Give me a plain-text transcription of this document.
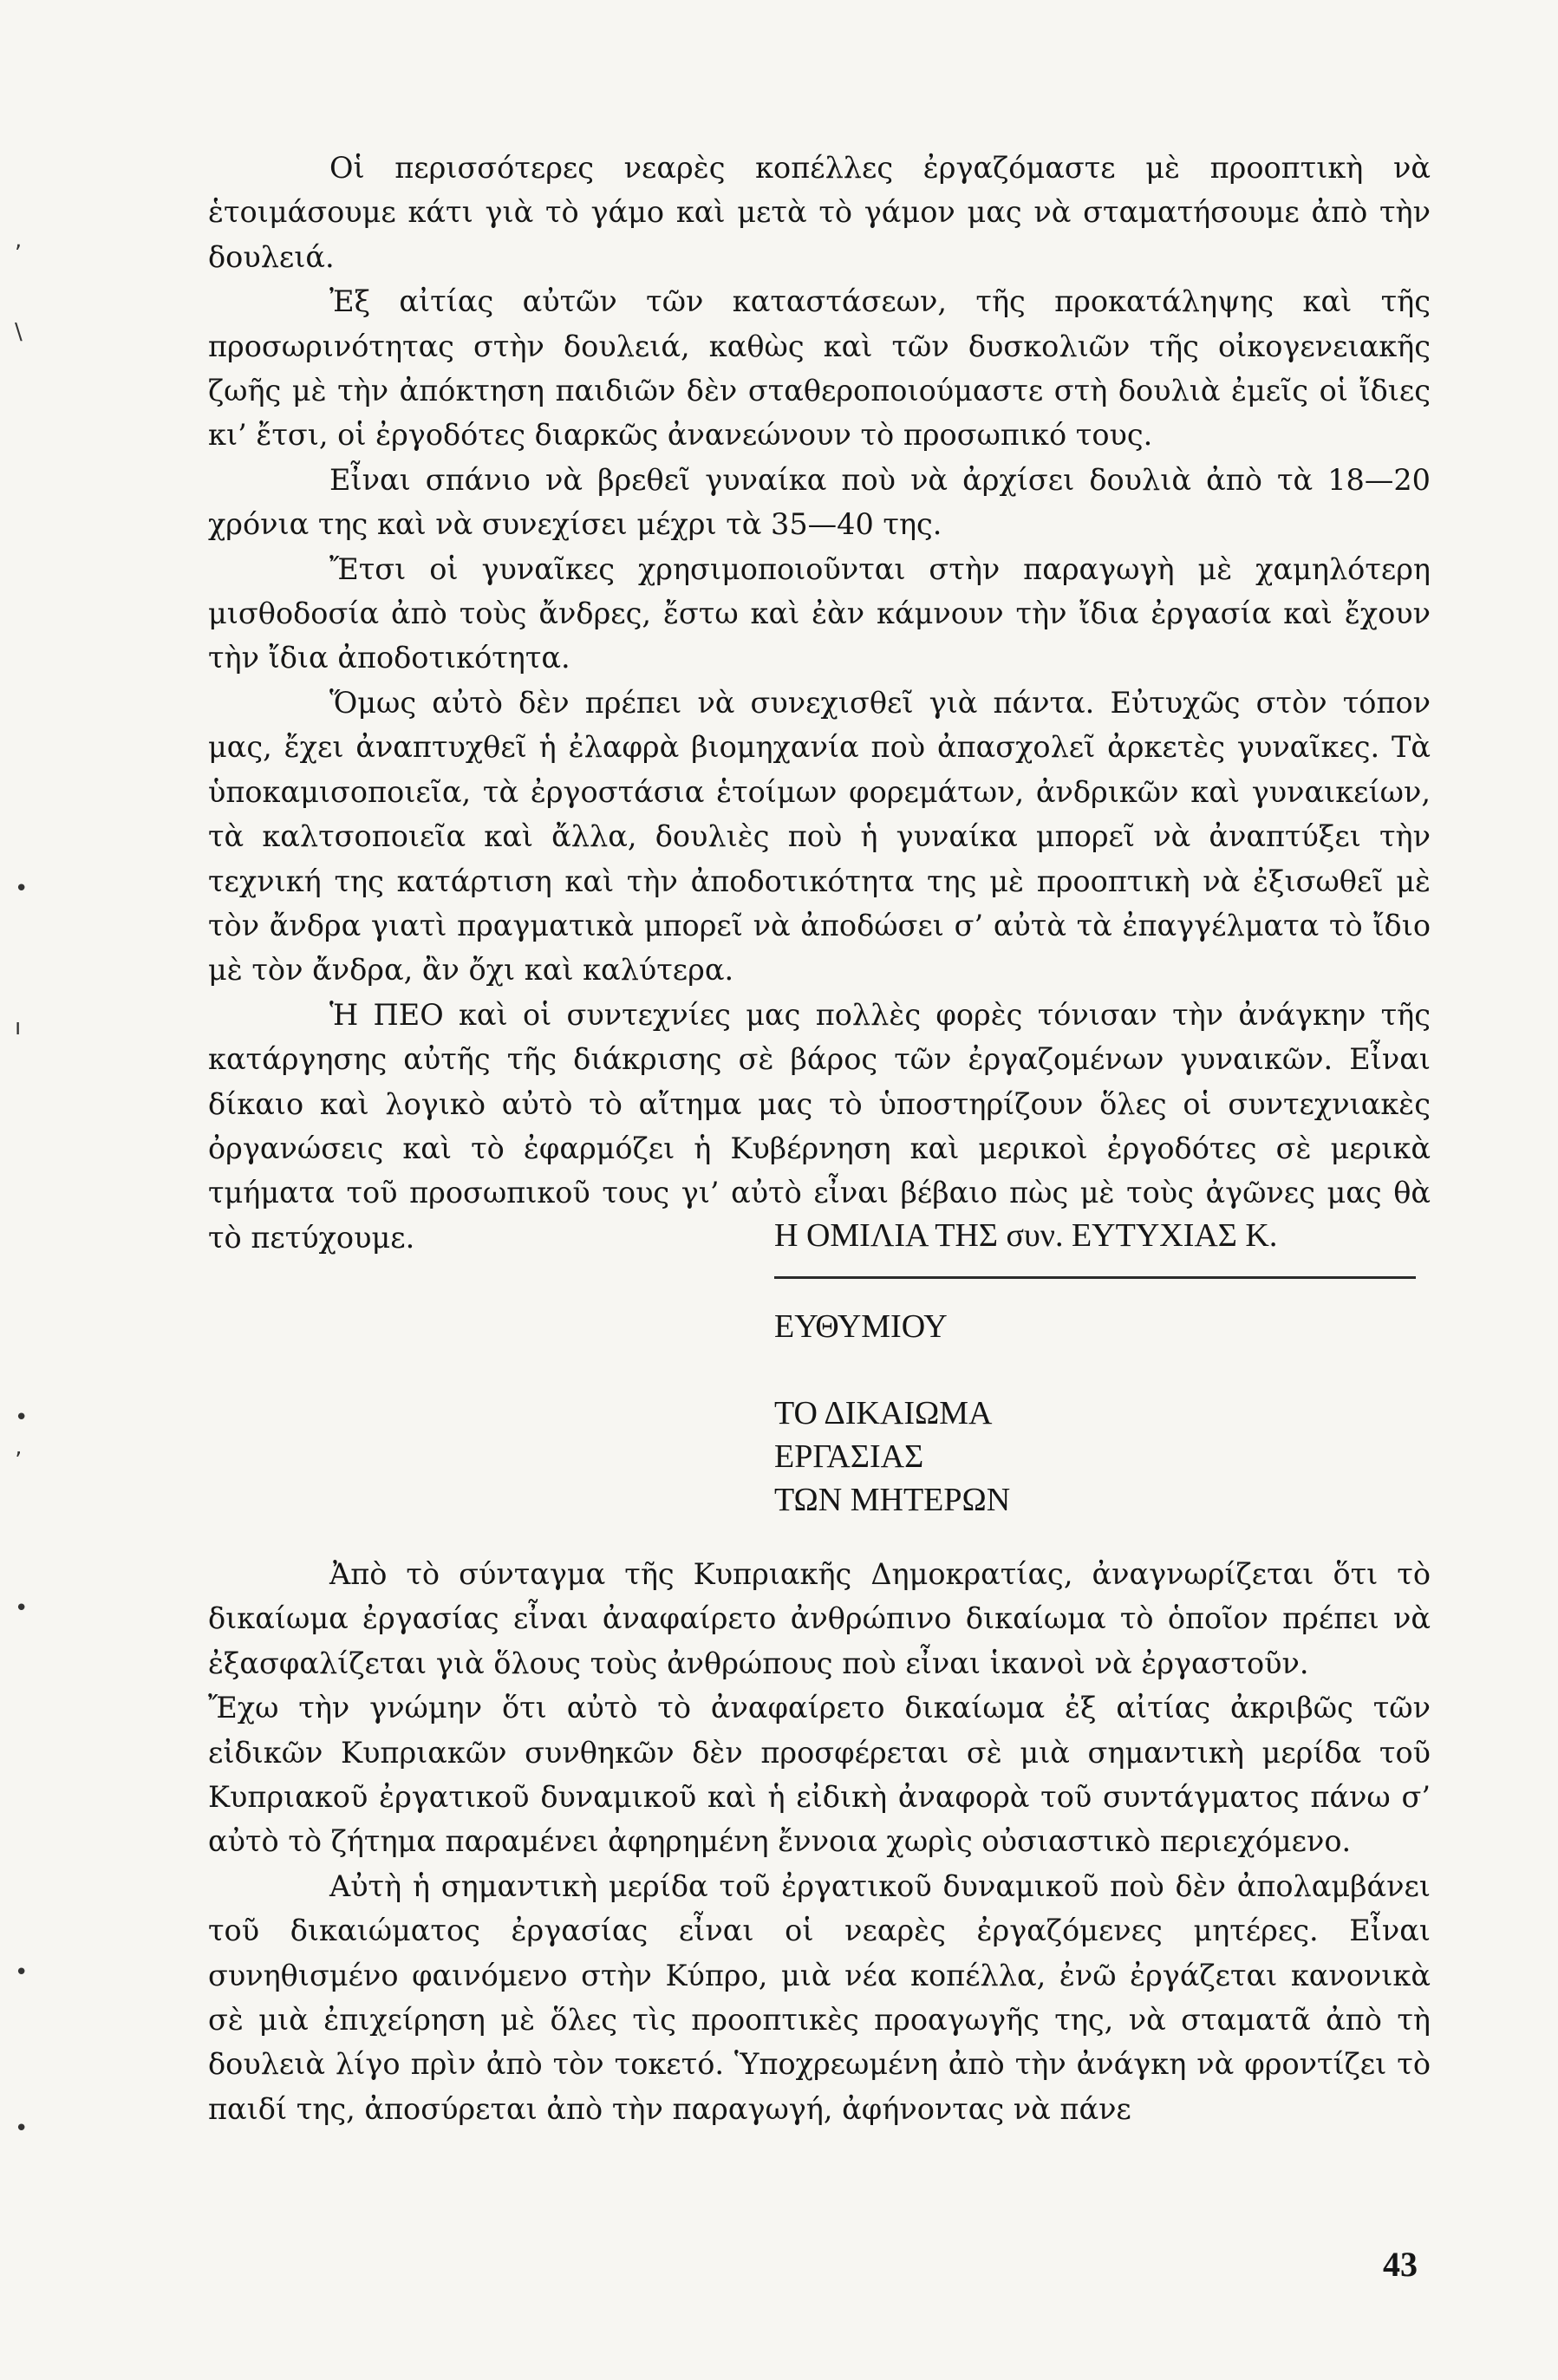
,
\
•
ı
•
ʼ
•
•
•

Οἱ περισσότερες νεαρὲς κοπέλλες ἐργαζόμαστε μὲ προοπτικὴ νὰ ἑτοιμάσουμε κάτι γιὰ τὸ γάμο καὶ μετὰ τὸ γάμον μας νὰ σταματήσουμε ἀπὸ τὴν δουλειά.

Ἐξ αἰτίας αὐτῶν τῶν καταστάσεων, τῆς προκατάληψης καὶ τῆς προσωρινότητας στὴν δουλειά, καθὼς καὶ τῶν δυσκολιῶν τῆς οἰκογενειακῆς ζωῆς μὲ τὴν ἀπόκτηση παιδιῶν δὲν σταθεροποιούμαστε στὴ δουλιὰ ἐμεῖς οἱ ἴδιες κι’ ἔτσι, οἱ ἐργοδότες διαρκῶς ἀνανεώνουν τὸ προσωπικό τους.

Εἶναι σπάνιο νὰ βρεθεῖ γυναίκα ποὺ νὰ ἀρχίσει δουλιὰ ἀπὸ τὰ 18—20 χρόνια της καὶ νὰ συνεχίσει μέχρι τὰ 35—40 της.

Ἔτσι οἱ γυναῖκες χρησιμοποιοῦνται στὴν παραγωγὴ μὲ χαμηλότερη μισθοδοσία ἀπὸ τοὺς ἄνδρες, ἔστω καὶ ἐὰν κάμνουν τὴν ἴδια ἐργασία καὶ ἔχουν τὴν ἴδια ἀποδοτικότητα.

Ὅμως αὐτὸ δὲν πρέπει νὰ συνεχισθεῖ γιὰ πάντα. Εὐτυχῶς στὸν τόπον μας, ἔχει ἀναπτυχθεῖ ἡ ἐλαφρὰ βιομηχανία ποὺ ἀπασχολεῖ ἀρκετὲς γυναῖκες. Τὰ ὑποκαμισοποιεῖα, τὰ ἐργοστάσια ἑτοίμων φορεμάτων, ἀνδρικῶν καὶ γυναικείων, τὰ καλτσοποιεῖα καὶ ἄλλα, δουλιὲς ποὺ ἡ γυναίκα μπορεῖ νὰ ἀναπτύξει τὴν τεχνική της κατάρτιση καὶ τὴν ἀποδοτικότητα της μὲ προοπτικὴ νὰ ἐξισωθεῖ μὲ τὸν ἄνδρα γιατὶ πραγματικὰ μπορεῖ νὰ ἀποδώσει σ’ αὐτὰ τὰ ἐπαγγέλματα τὸ ἴδιο μὲ τὸν ἄνδρα, ἂν ὄχι καὶ καλύτερα.

Ἡ ΠΕΟ καὶ οἱ συντεχνίες μας πολλὲς φορὲς τόνισαν τὴν ἀνάγκην τῆς κατάργησης αὐτῆς τῆς διάκρισης σὲ βάρος τῶν ἐργαζομένων γυναικῶν. Εἶναι δίκαιο καὶ λογικὸ αὐτὸ τὸ αἴτημα μας τὸ ὑποστηρίζουν ὅλες οἱ συντεχνιακὲς ὀργανώσεις καὶ τὸ ἐφαρμόζει ἡ Κυβέρνηση καὶ μερικοὶ ἐργοδότες σὲ μερικὰ τμήματα τοῦ προσωπικοῦ τους γι’ αὐτὸ εἶναι βέβαιο πὼς μὲ τοὺς ἀγῶνες μας θὰ τὸ πετύχουμε.	Η ΟΜΙΛΙΑ ΤΗΣ συν. ΕΥΤΥΧΙΑΣ Κ.
ΕΥΘΥΜΙΟΥ
ΤΟ ΔΙΚΑΙΩΜΑ
ΕΡΓΑΣΙΑΣ
ΤΩΝ ΜΗΤΕΡΩΝ

Ἀπὸ τὸ σύνταγμα τῆς Κυπριακῆς Δημοκρατίας, ἀναγνωρίζεται ὅτι τὸ δικαίωμα ἐργασίας εἶναι ἀναφαίρετο ἀνθρώπινο δικαίωμα τὸ ὁποῖον πρέπει νὰ ἐξασφαλίζεται γιὰ ὅλους τοὺς ἀνθρώπους ποὺ εἶναι ἱκανοὶ νὰ ἐργαστοῦν.

Ἔχω τὴν γνώμην ὅτι αὐτὸ τὸ ἀναφαίρετο δικαίωμα ἐξ αἰτίας ἀκριβῶς τῶν εἰδικῶν Κυπριακῶν συνθηκῶν δὲν προσφέρεται σὲ μιὰ σημαντικὴ μερίδα τοῦ Κυπριακοῦ ἐργατικοῦ δυναμικοῦ καὶ ἡ εἰδικὴ ἀναφορὰ τοῦ συντάγματος πάνω σ’ αὐτὸ τὸ ζήτημα παραμένει ἀφηρημένη ἔννοια χωρὶς οὐσιαστικὸ περιεχόμενο.

Αὐτὴ ἡ σημαντικὴ μερίδα τοῦ ἐργατικοῦ δυναμικοῦ ποὺ δὲν ἀπολαμβάνει τοῦ δικαιώματος ἐργασίας εἶναι οἱ νεαρὲς ἐργαζόμενες μητέρες. Εἶναι συνηθισμένο φαινόμενο στὴν Κύπρο, μιὰ νέα κοπέλλα, ἐνῶ ἐργάζεται κανονικὰ σὲ μιὰ ἐπιχείρηση μὲ ὅλες τὶς προοπτικὲς προαγωγῆς της, νὰ σταματᾶ ἀπὸ τὴ δουλειὰ λίγο πρὶν ἀπὸ τὸν τοκετό. Ὑποχρεωμένη ἀπὸ τὴν ἀνάγκη νὰ φροντίζει τὸ παιδί της, ἀποσύρεται ἀπὸ τὴν παραγωγή, ἀφήνοντας νὰ πάνε

43
